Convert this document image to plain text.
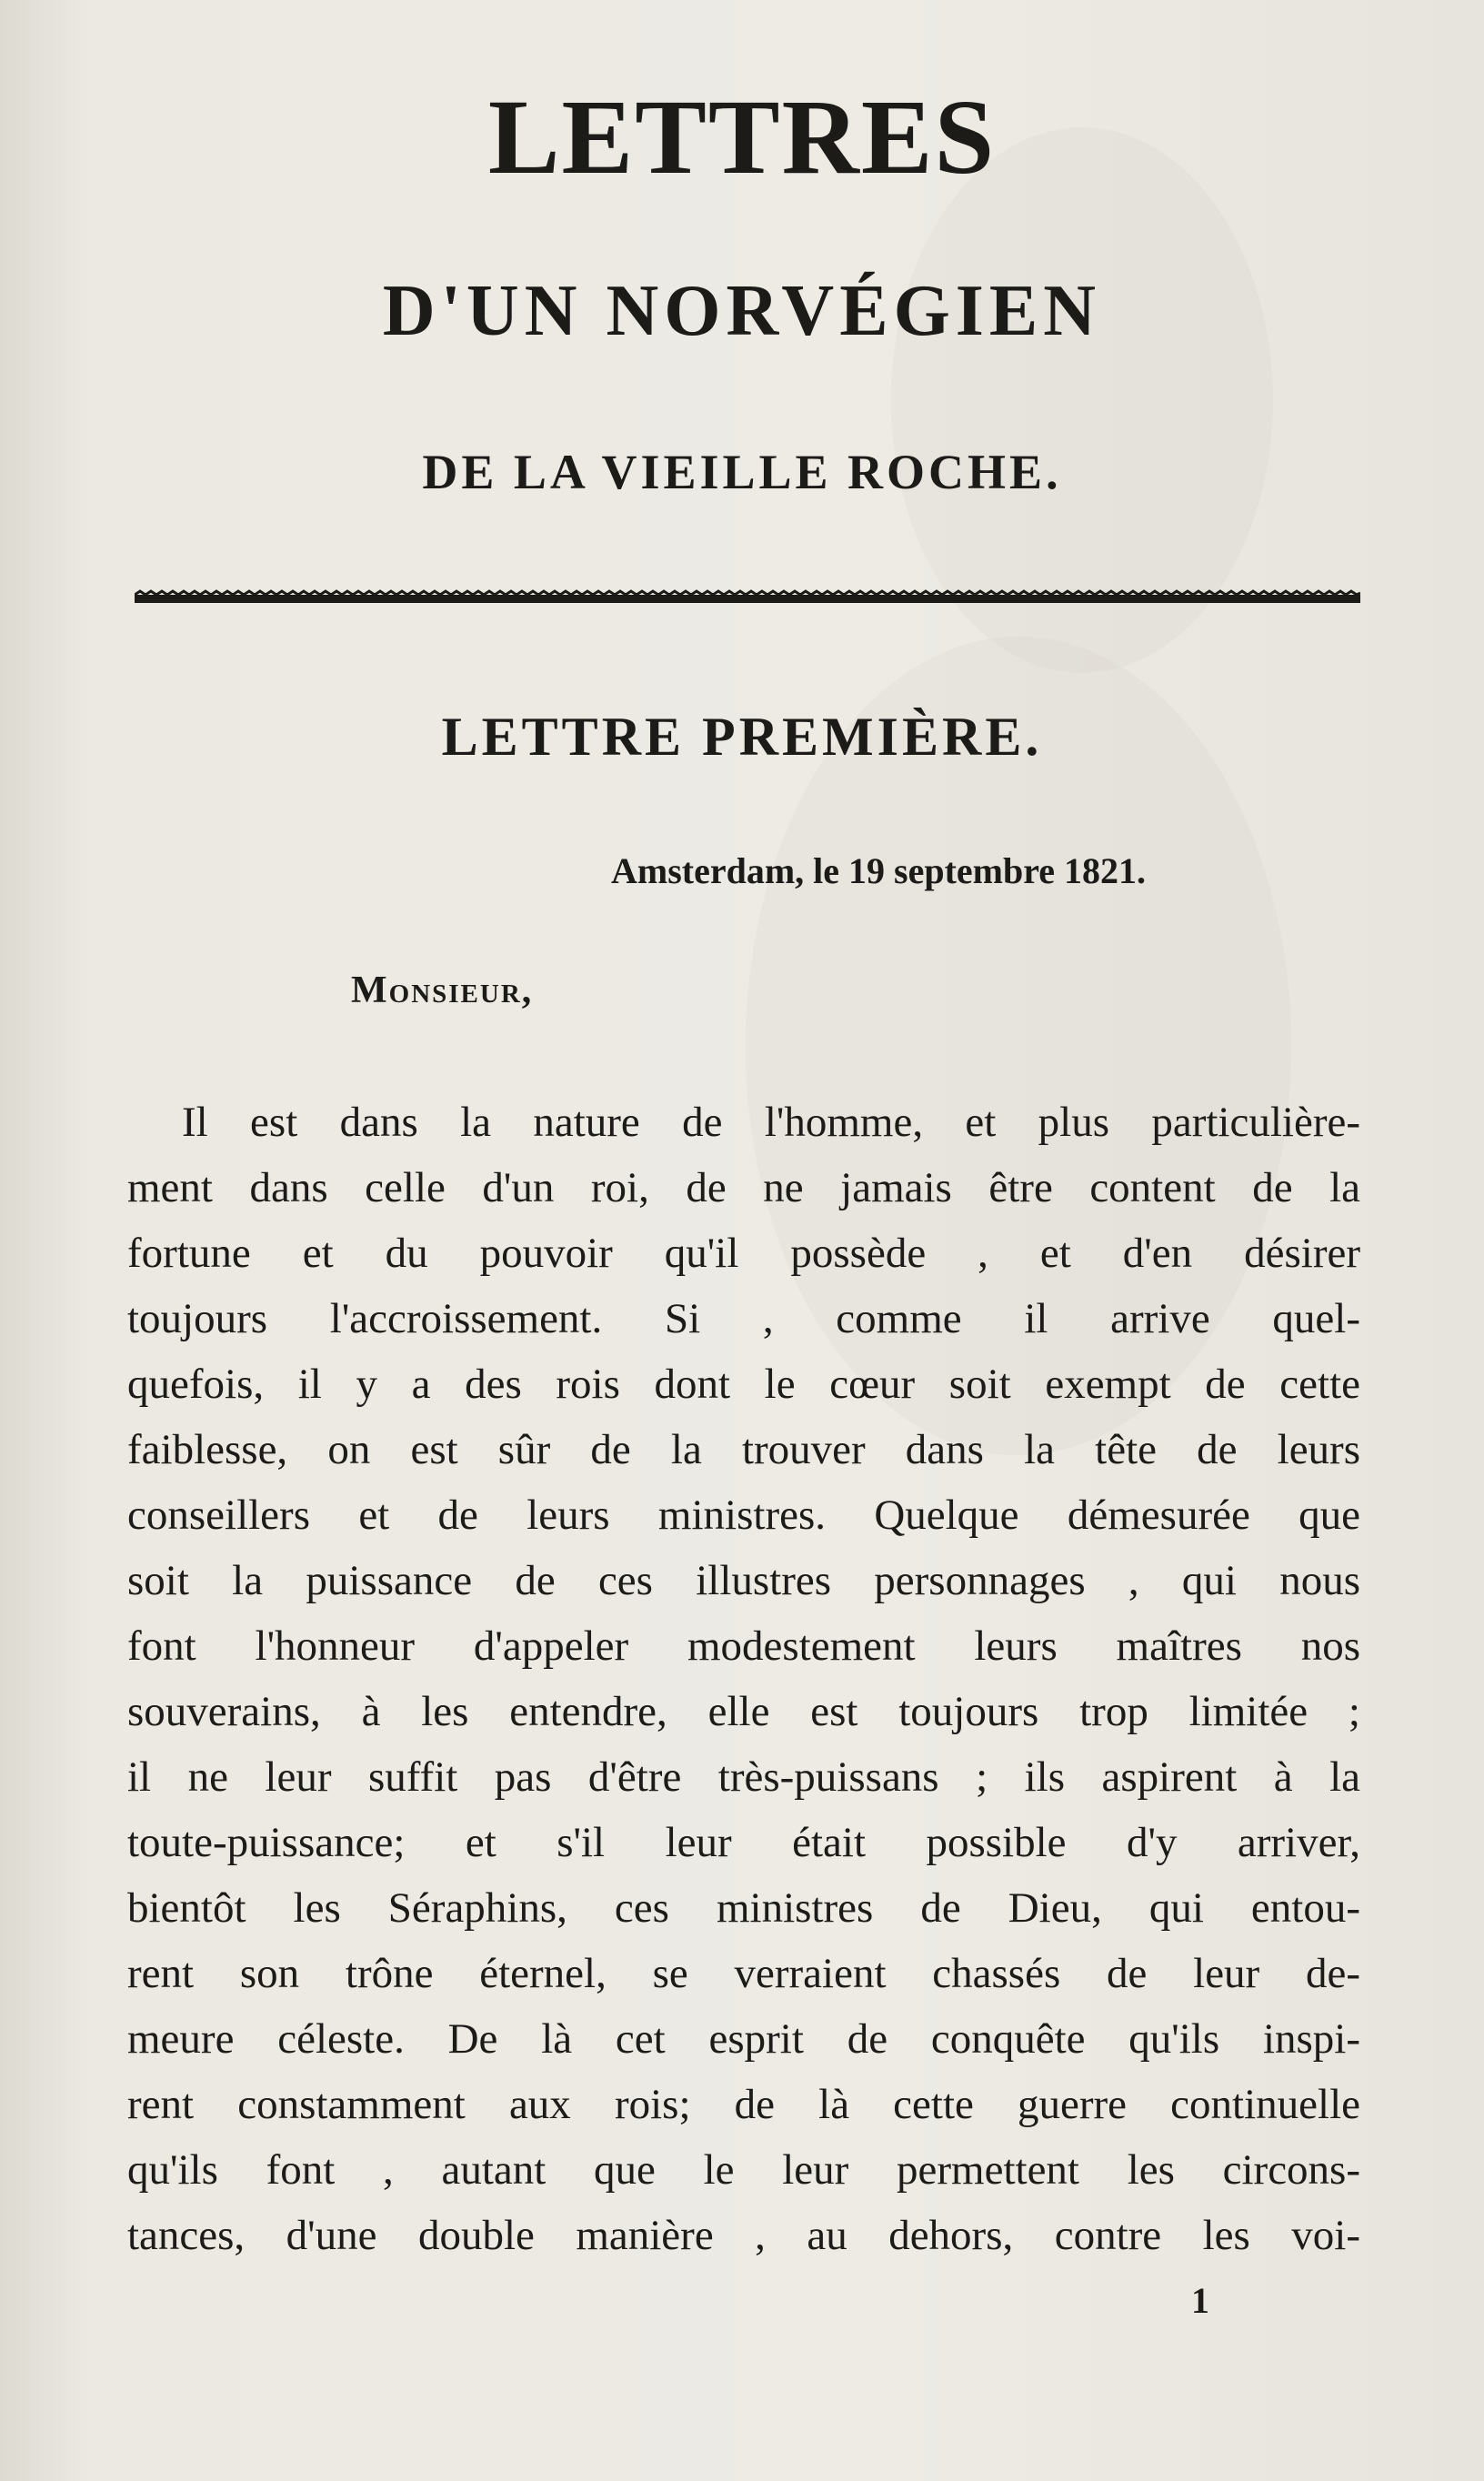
LETTRES
D'UN NORVÉGIEN
DE LA VIEILLE ROCHE.
LETTRE PREMIÈRE.
Amsterdam, le 19 septembre 1821.
Monsieur,
Il est dans la nature de l'homme, et plus particulière-
ment dans celle d'un roi, de ne jamais être content de la
fortune et du pouvoir qu'il possède , et d'en désirer
toujours l'accroissement. Si , comme il arrive quel-
quefois, il y a des rois dont le cœur soit exempt de cette
faiblesse, on est sûr de la trouver dans la tête de leurs
conseillers et de leurs ministres. Quelque démesurée que
soit la puissance de ces illustres personnages , qui nous
font l'honneur d'appeler modestement leurs maîtres nos
souverains, à les entendre, elle est toujours trop limitée ;
il ne leur suffit pas d'être très-puissans ; ils aspirent à la
toute-puissance; et s'il leur était possible d'y arriver,
bientôt les Séraphins, ces ministres de Dieu, qui entou-
rent son trône éternel, se verraient chassés de leur de-
meure céleste. De là cet esprit de conquête qu'ils inspi-
rent constamment aux rois; de là cette guerre continuelle
qu'ils font , autant que le leur permettent les circons-
tances, d'une double manière , au dehors, contre les voi-
1
